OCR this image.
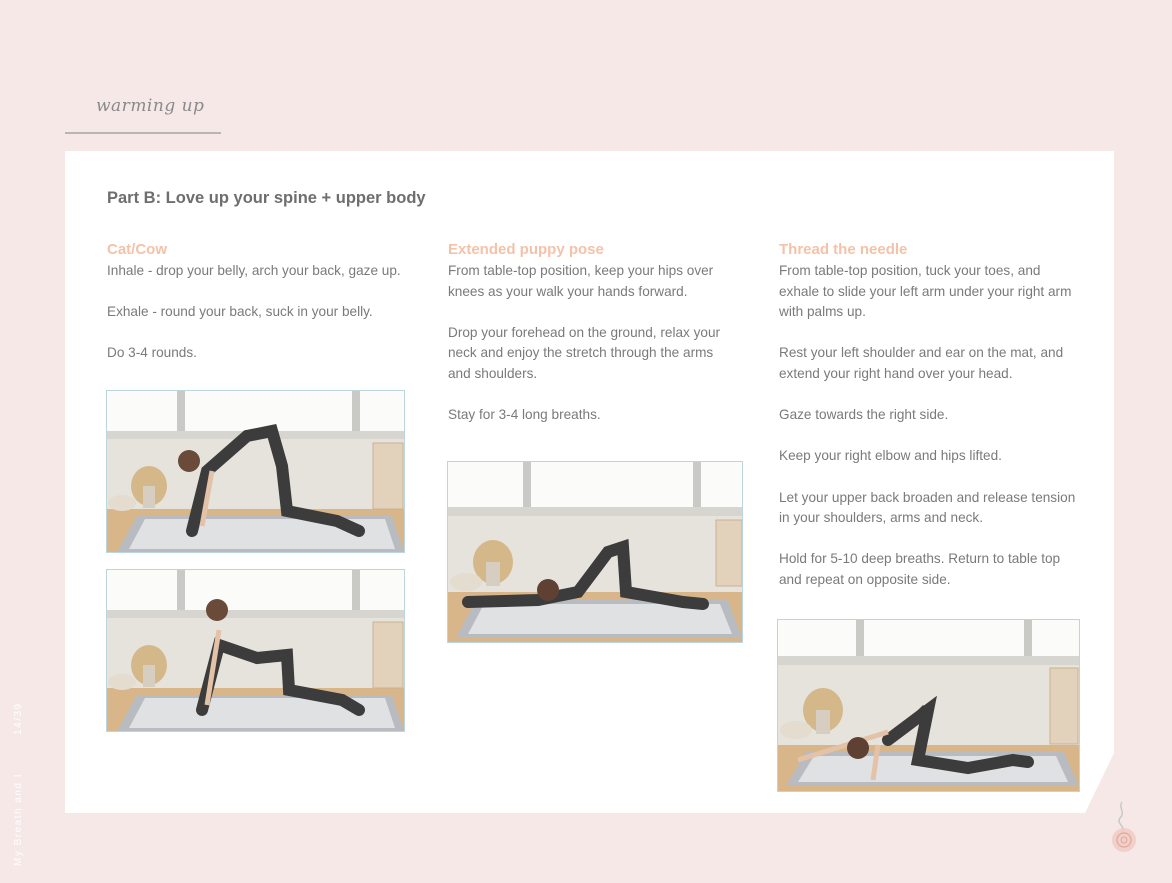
warming up
Part B: Love up your spine + upper body
Cat/Cow

Inhale - drop your belly, arch your back, gaze up.

Exhale - round your back, suck in your belly.

Do 3-4 rounds.

Extended puppy pose

From table-top position, keep your hips over knees as your walk your hands forward.

Drop your forehead on the ground, relax your neck and enjoy the stretch through the arms and shoulders.

Stay for 3-4 long breaths.

Thread the needle

From table-top position, tuck your toes, and exhale to slide your left arm under your right arm with palms up.

Rest your left shoulder and ear on the mat, and extend your right hand over your head.

Gaze towards the right side.

Keep your right elbow and hips lifted.

Let your upper back broaden and release tension in your shoulders, arms and neck.

Hold for 5-10 deep breaths. Return to table top and repeat on opposite side.

My Breath and I14/39
